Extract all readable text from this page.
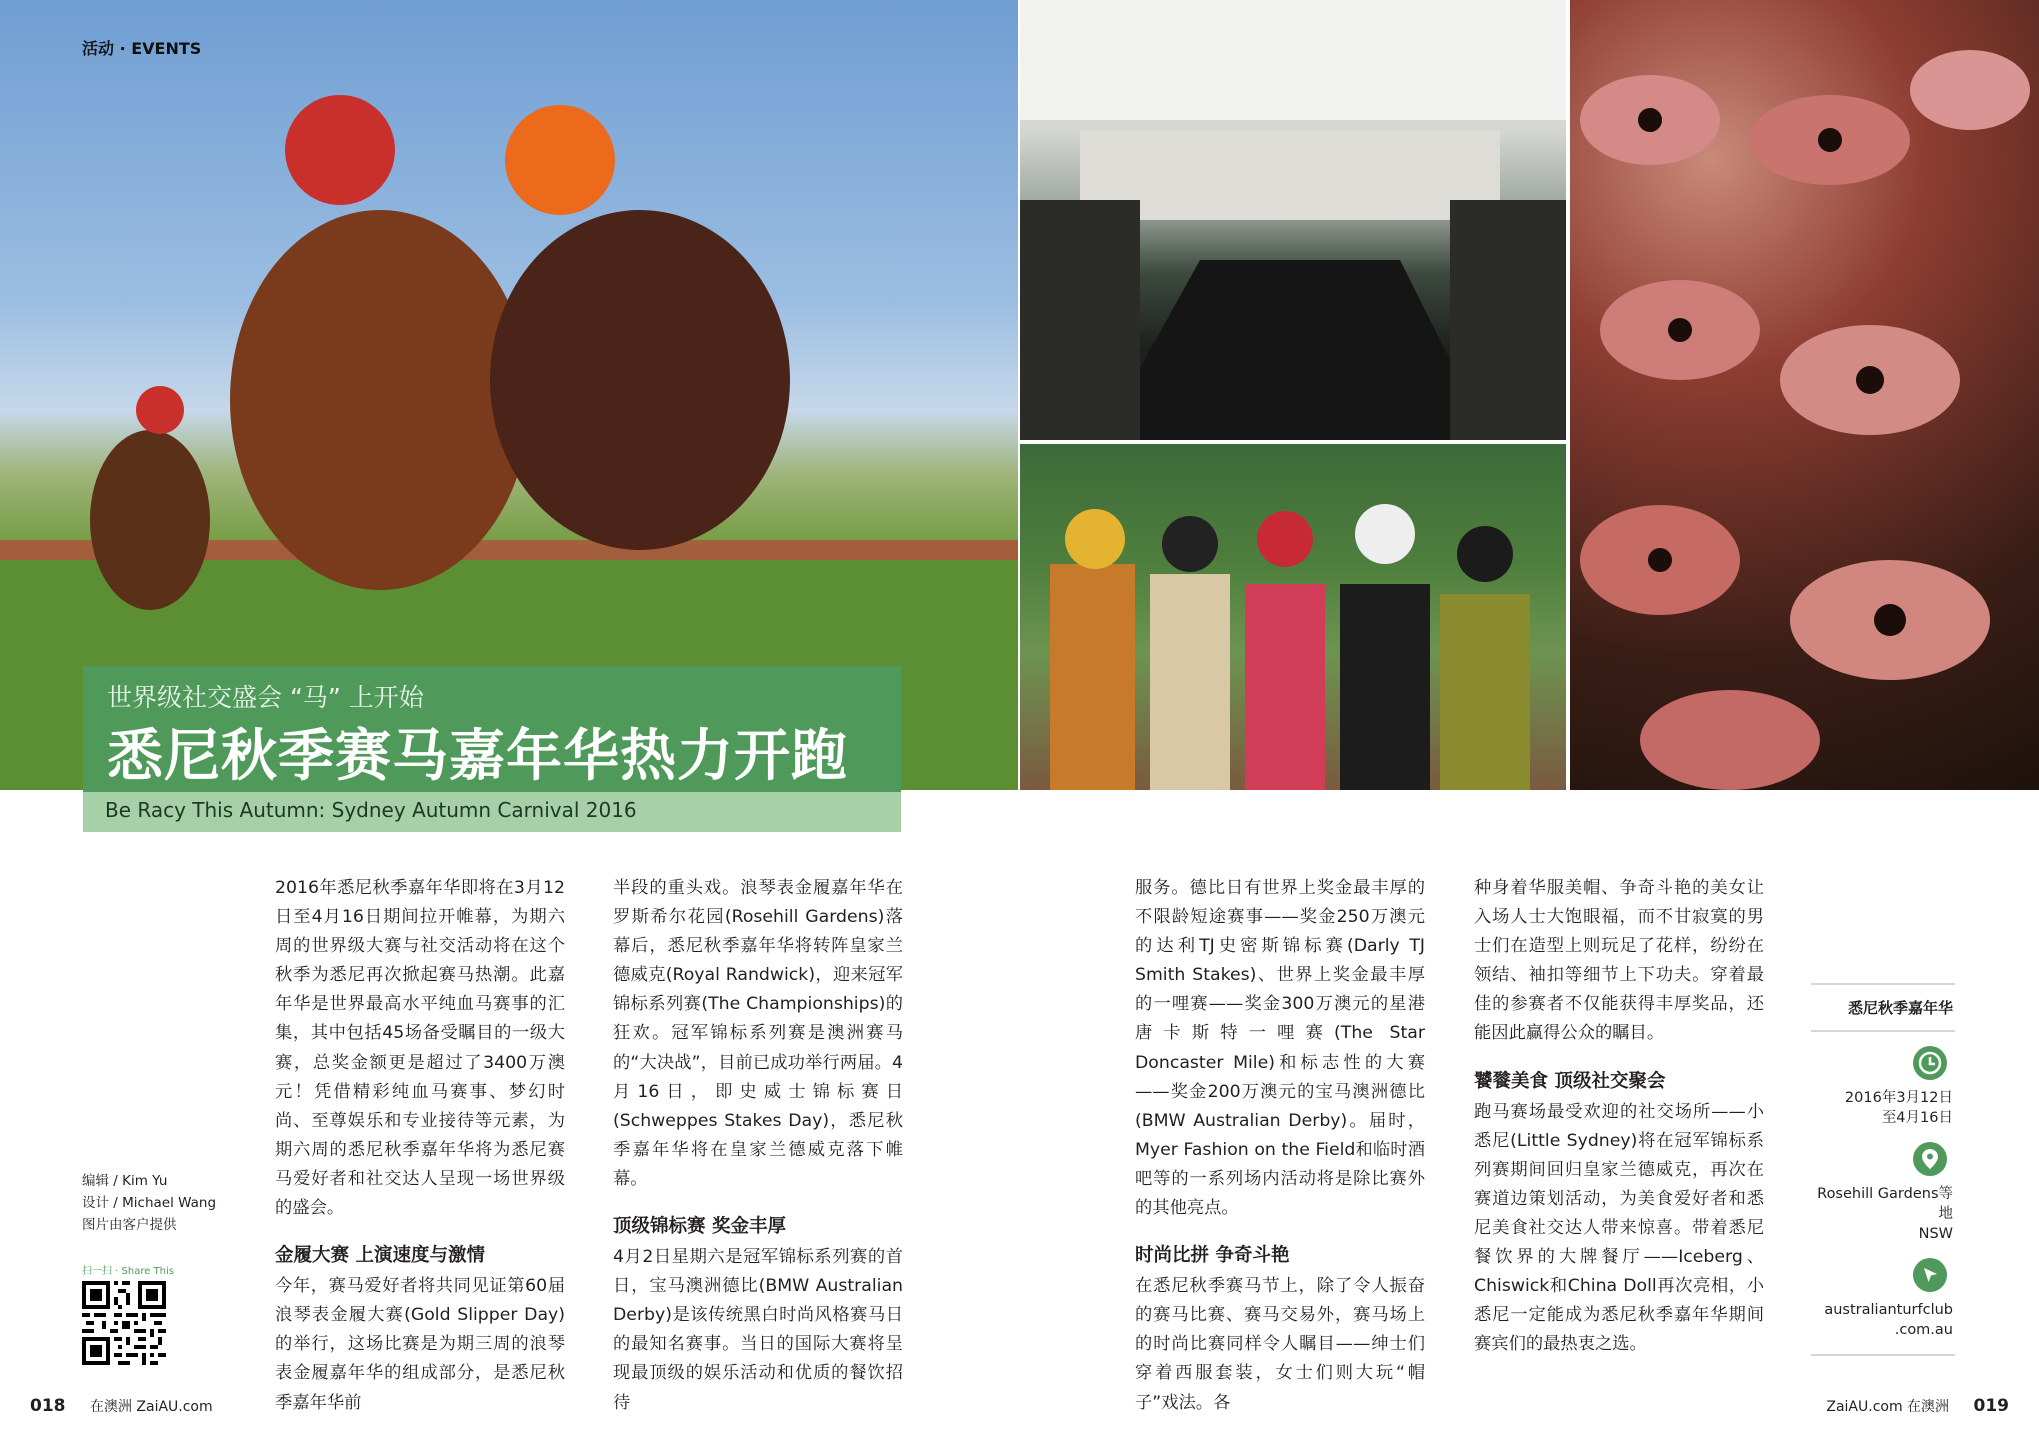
活动 · EVENTS
世界级社交盛会 “马” 上开始
悉尼秋季赛马嘉年华热力开跑
Be Racy This Autumn: Sydney Autumn Carnival 2016

2016年悉尼秋季嘉年华即将在3月12日至4月16日期间拉开帷幕，为期六周的世界级大赛与社交活动将在这个秋季为悉尼再次掀起赛马热潮。此嘉年华是世界最高水平纯血马赛事的汇集，其中包括45场备受瞩目的一级大赛，总奖金额更是超过了3400万澳元！凭借精彩纯血马赛事、梦幻时尚、至尊娱乐和专业接待等元素，为期六周的悉尼秋季嘉年华将为悉尼赛马爱好者和社交达人呈现一场世界级的盛会。

金履大赛 上演速度与激情

今年，赛马爱好者将共同见证第60届浪琴表金履大赛(Gold Slipper Day)的举行，这场比赛是为期三周的浪琴表金履嘉年华的组成部分，是悉尼秋季嘉年华前

半段的重头戏。浪琴表金履嘉年华在罗斯希尔花园(Rosehill Gardens)落幕后，悉尼秋季嘉年华将转阵皇家兰德威克(Royal Randwick)，迎来冠军锦标系列赛(The Championships)的狂欢。冠军锦标系列赛是澳洲赛马的“大决战”，目前已成功举行两届。4月16日，即史威士锦标赛日(Schweppes Stakes Day)，悉尼秋季嘉年华将在皇家兰德威克落下帷幕。

顶级锦标赛 奖金丰厚

4月2日星期六是冠军锦标系列赛的首日，宝马澳洲德比(BMW Australian Derby)是该传统黑白时尚风格赛马日的最知名赛事。当日的国际大赛将呈现最顶级的娱乐活动和优质的餐饮招待

服务。德比日有世界上奖金最丰厚的不限龄短途赛事——奖金250万澳元的达利TJ史密斯锦标赛(Darly TJ Smith Stakes)、世界上奖金最丰厚的一哩赛——奖金300万澳元的星港唐卡斯特一哩赛(The Star Doncaster Mile)和标志性的大赛——奖金200万澳元的宝马澳洲德比(BMW Australian Derby)。届时，Myer Fashion on the Field和临时酒吧等的一系列场内活动将是除比赛外的其他亮点。

时尚比拼 争奇斗艳

在悉尼秋季赛马节上，除了令人振奋的赛马比赛、赛马交易外，赛马场上的时尚比赛同样令人瞩目——绅士们穿着西服套装，女士们则大玩“帽子”戏法。各

种身着华服美帽、争奇斗艳的美女让入场人士大饱眼福，而不甘寂寞的男士们在造型上则玩足了花样，纷纷在领结、袖扣等细节上下功夫。穿着最佳的参赛者不仅能获得丰厚奖品，还能因此赢得公众的瞩目。

饕餮美食 顶级社交聚会

跑马赛场最受欢迎的社交场所——小悉尼(Little Sydney)将在冠军锦标系列赛期间回归皇家兰德威克，再次在赛道边策划活动，为美食爱好者和悉尼美食社交达人带来惊喜。带着悉尼餐饮界的大牌餐厅——Iceberg、Chiswick和China Doll再次亮相，小悉尼一定能成为悉尼秋季嘉年华期间赛宾们的最热衷之选。

编辑 / Kim Yu
设计 / Michael Wang
图片由客户提供
扫一扫 · Share This
悉尼秋季嘉年华
2016年3月12日
至4月16日
Rosehill Gardens等地
NSW
australianturfclub
.com.au
018 在澳洲 ZaiAU.com	ZaiAU.com 在澳洲 019
